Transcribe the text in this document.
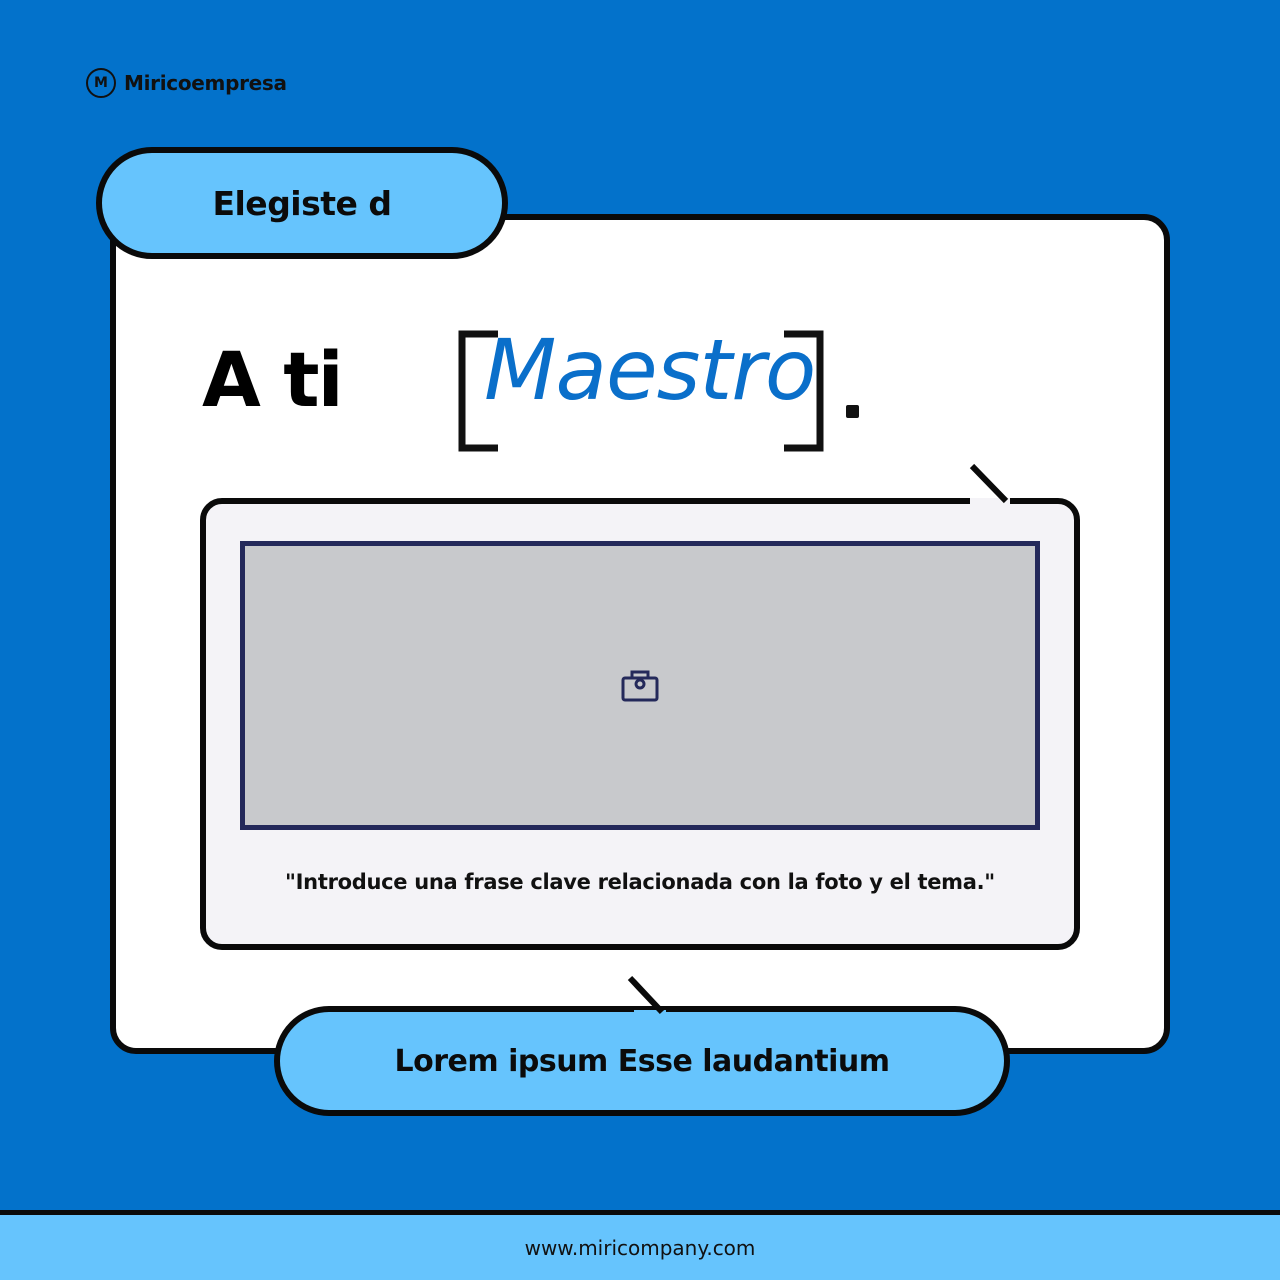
M Miricoempresa
Elegiste d
A ti Maestro
"Introduce una frase clave relacionada con la foto y el tema."
Lorem ipsum Esse laudantium
www.miricompany.com
